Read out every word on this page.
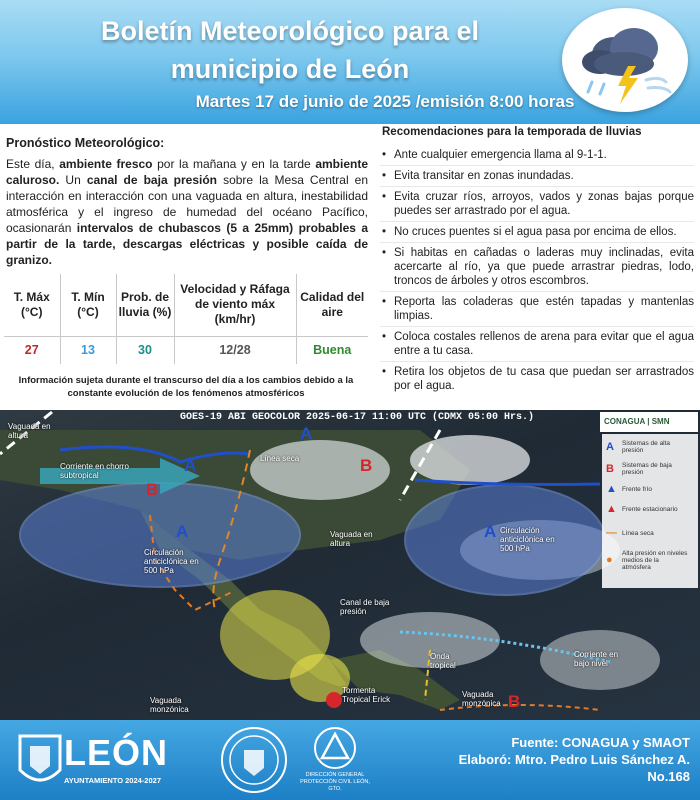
Boletín Meteorológico para el
municipio de León
Martes 17 de junio de 2025 /emisión 8:00 horas
Pronóstico Meteorológico:
Este día, ambiente fresco por la mañana y en la tarde ambiente caluroso. Un canal de baja presión sobre la Mesa Central en interacción en interacción con una vaguada en altura, inestabilidad atmosférica y el ingreso de humedad del océano Pacífico, ocasionarán intervalos de chubascos (5 a 25mm) probables a partir de la tarde, descargas eléctricas y posible caída de granizo.
T. Máx (°C)	T. Mín (°C)	Prob. de lluvia (%)	Velocidad y Ráfaga de viento máx (km/hr)	Calidad del aire
27	13	30	12/28	Buena
Información sujeta durante el transcurso del día a los cambios debido a la constante evolución de los fenómenos atmosféricos
Recomendaciones para la temporada de lluvias
• Ante cualquier emergencia llama al 9-1-1.
• Evita transitar en zonas inundadas.
• Evita cruzar ríos, arroyos, vados y zonas bajas porque puedes ser arrastrado por el agua.
• No cruces puentes si el agua pasa por encima de ellos.
• Si habitas en cañadas o laderas muy inclinadas, evita acercarte al río, ya que puede arrastrar piedras, lodo, troncos de árboles y otros escombros.
• Reporta las coladeras que estén tapadas y mantenlas limpias.
• Coloca costales rellenos de arena para evitar que el agua entre a tu casa.
• Retira los objetos de tu casa que puedan ser arrastrados por el agua.
GOES-19 ABI GEOCOLOR 2025-06-17 11:00 UTC (CDMX 05:00 Hrs.)	CONAGUA | SMN
Vaguada en altura
Corriente en chorro subtropical
Línea seca
Vaguada en altura
Circulación anticiclónica en 500 hPa
Circulación anticiclónica en 500 hPa
Canal de baja presión
Onda tropical
Corriente en bajo nivel
Tormenta Tropical Erick
Vaguada monzónica
Vaguada monzónica
A
A
A	A
B
B
B
A Sistemas de alta presión
B Sistemas de baja presión
▲ Frente frío
▲ Frente estacionario
— Línea seca
●Alta presión en niveles medios de la atmósfera
LEÓN
AYUNTAMIENTO 2024-2027
DIRECCIÓN GENERAL PROTECCIÓN CIVIL LEÓN, GTO.
Fuente: CONAGUA y SMAOT
Elaboró: Mtro. Pedro Luis Sánchez A.
No.168
